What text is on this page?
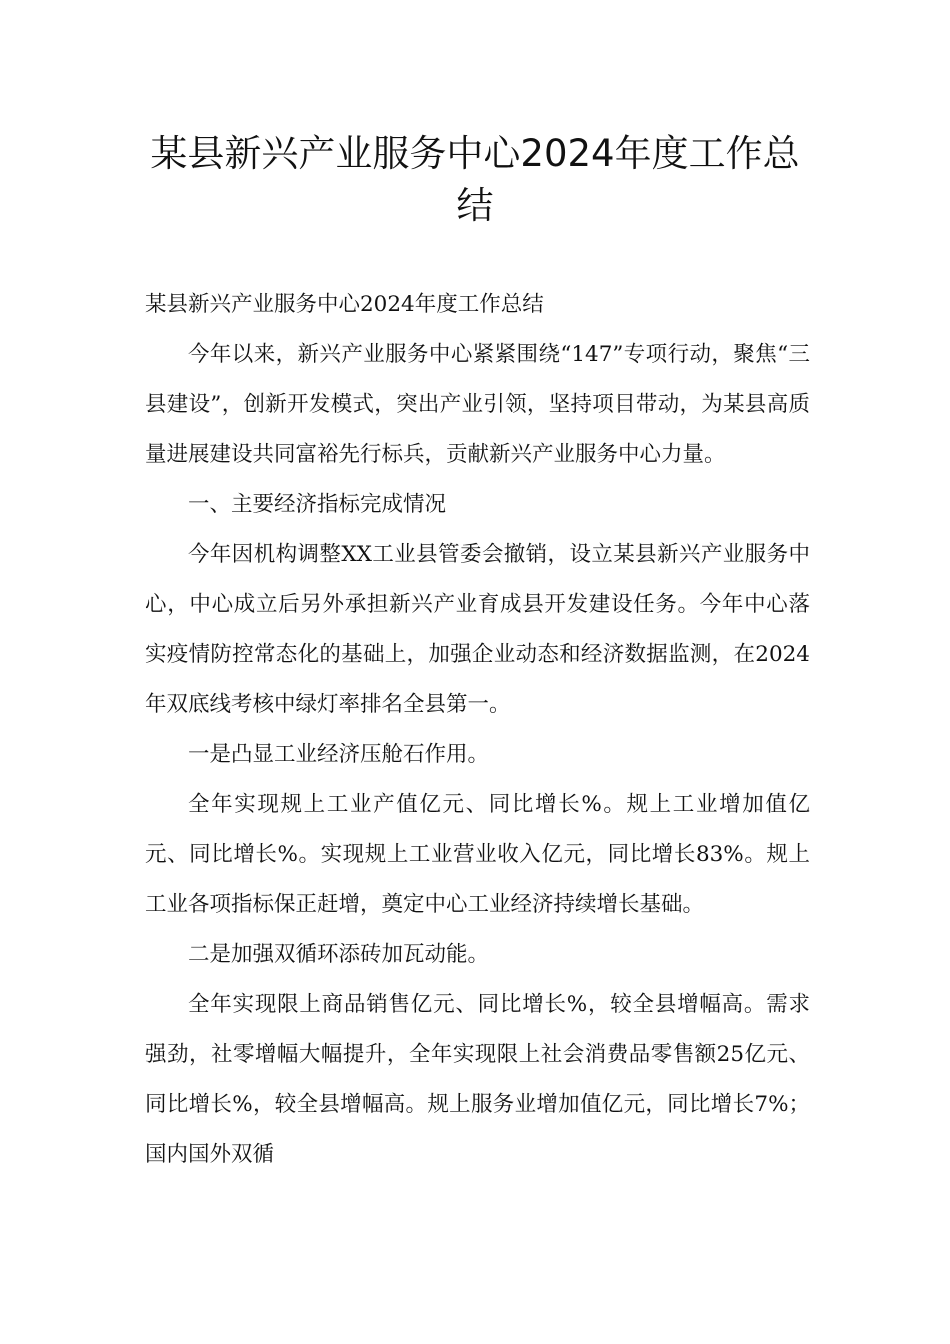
某县新兴产业服务中心2024年度工作总结

某县新兴产业服务中心2024年度工作总结

今年以来，新兴产业服务中心紧紧围绕“147”专项行动，聚焦“三县建设”，创新开发模式，突出产业引领，坚持项目带动，为某县高质量进展建设共同富裕先行标兵，贡献新兴产业服务中心力量。

一、主要经济指标完成情况

今年因机构调整XX工业县管委会撤销，设立某县新兴产业服务中心，中心成立后另外承担新兴产业育成县开发建设任务。今年中心落实疫情防控常态化的基础上，加强企业动态和经济数据监测，在2024年双底线考核中绿灯率排名全县第一。

一是凸显工业经济压舱石作用。

全年实现规上工业产值亿元、同比增长%。规上工业增加值亿元、同比增长%。实现规上工业营业收入亿元，同比增长83%。规上工业各项指标保正赶增，奠定中心工业经济持续增长基础。

二是加强双循环添砖加瓦动能。

全年实现限上商品销售亿元、同比增长%，较全县增幅高。需求强劲，社零增幅大幅提升，全年实现限上社会消费品零售额25亿元、同比增长%，较全县增幅高。规上服务业增加值亿元，同比增长7%；国内国外双循
